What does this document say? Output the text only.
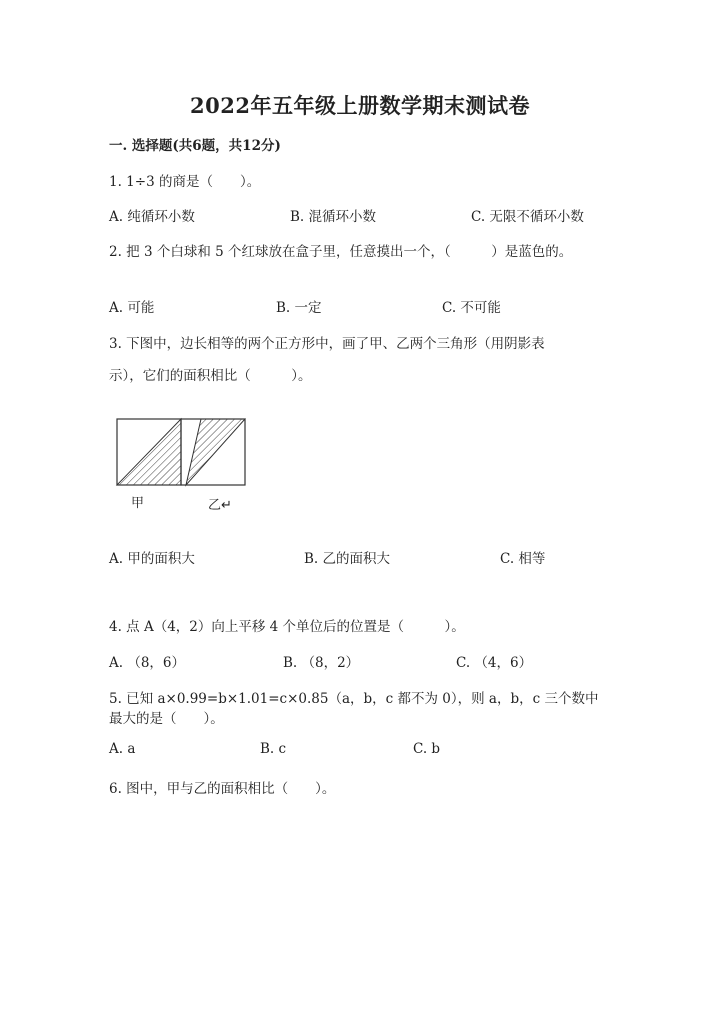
2022年五年级上册数学期末测试卷
一. 选择题(共6题，共12分)
1. 1÷3 的商是（　　）。
A. 纯循环小数	B. 混循环小数	C. 无限不循环小数
2. 把 3 个白球和 5 个红球放在盒子里，任意摸出一个，（　　　）是蓝色的。
A. 可能	B. 一定	C. 不可能
3. 下图中，边长相等的两个正方形中，画了甲、乙两个三角形（用阴影表
示），它们的面积相比（　　　）。
甲	乙↵
A. 甲的面积大	B. 乙的面积大	C. 相等
4. 点 A（4，2）向上平移 4 个单位后的位置是（　　　）。
A. （8，6）	B. （8，2）	C. （4，6）
5. 已知 a×0.99=b×1.01=c×0.85（a，b，c 都不为 0），则 a，b，c 三个数中
最大的是（　　）。
A. a	B. c	C. b
6. 图中，甲与乙的面积相比（　　）。
